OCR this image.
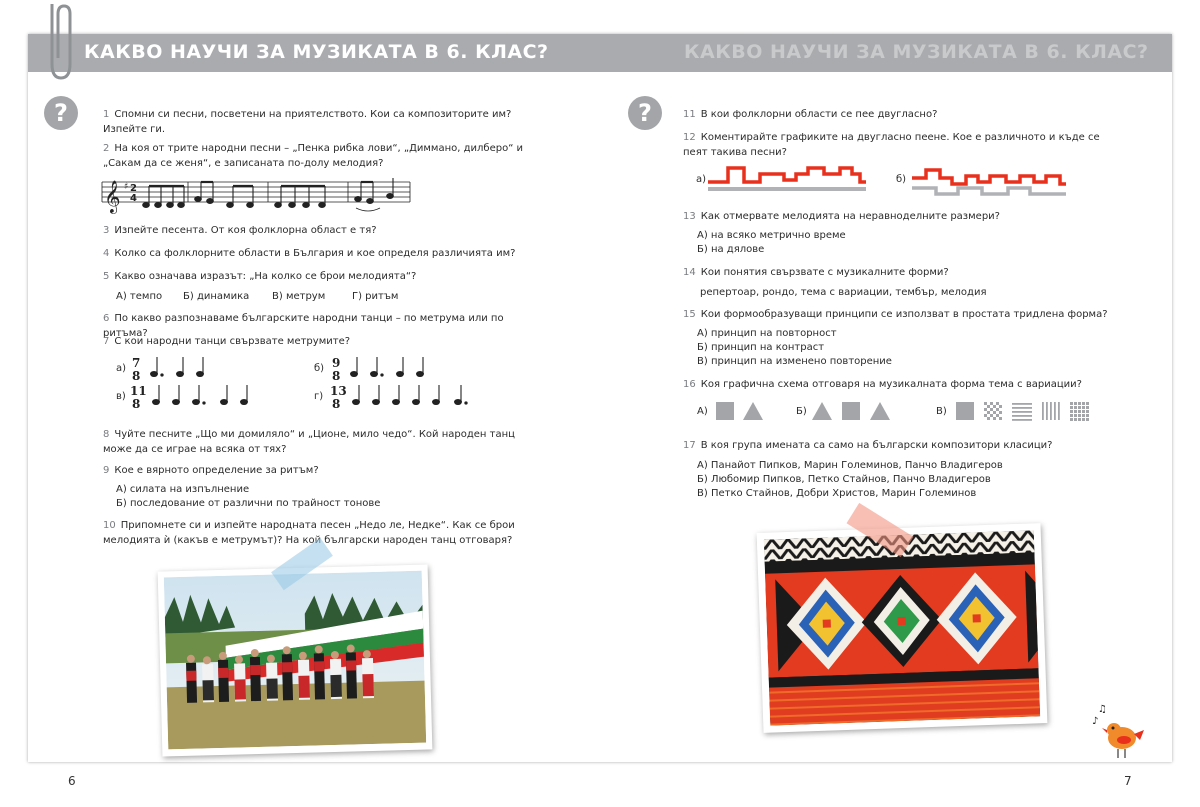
КАКВО НАУЧИ ЗА МУЗИКАТА В 6. КЛАС?	КАКВО НАУЧИ ЗА МУЗИКАТА В 6. КЛАС?
?	?
1 Спомни си песни, посветени на приятелството. Кои са композиторите им? Изпейте ги.
2 На коя от трите народни песни – „Пенка рибка лови“, „Диммано, дилберо“ и „Сакам да се женя“, е записаната по-долу мелодия?
𝄞 ♯ 2
4
3 Изпейте песента. От коя фолклорна област е тя?
4 Колко са фолклорните области в България и кое определя различията им?
5 Какво означава изразът: „На колко се брои мелодията“?
А) темпо Б) динамика В) метрум	Г) ритъм
6 По какво разпознаваме българските народни танци – по метрума или по ритъма?
7 С кои народни танци свързвате метрумите?
а) 7
8
б) 9
8
в) 11
8
г) 13
8
8 Чуйте песните „Що ми домиляло“ и „Ционе, мило чедо“. Кой народен танц може да се играе на всяка от тях?
9 Кое е вярното определение за ритъм?
А) силата на изпълнение
Б) последование от различни по трайност тонове
10 Припомнете си и изпейте народната песен „Недо ле, Недке“. Как се брои мелодията ѝ (какъв е метрумът)? На кой български народен танц отговаря?
11 В кои фолклорни области се пее двугласно?
12 Коментирайте графиките на двугласно пеене. Кое е различното и къде се пеят такива песни?
а)	б)
13 Как отмервате мелодията на неравноделните размери?
А) на всяко метрично време
Б) на дялове
14 Кои понятия свързвате с музикалните форми?
репертоар, рондо, тема с вариации, тембър, мелодия
15 Кои формообразуващи принципи се използват в простата тридлена форма?
А) принцип на повторност
Б) принцип на контраст
В) принцип на изменено повторение
16 Коя графична схема отговаря на музикалната форма тема с вариации?
А)	Б)	В)
17 В коя група имената са само на български композитори класици?
А) Панайот Пипков, Марин Големинов, Панчо Владигеров
Б) Любомир Пипков, Петко Стайнов, Панчо Владигеров
В) Петко Стайнов, Добри Христов, Марин Големинов
♫
♪
6	7
